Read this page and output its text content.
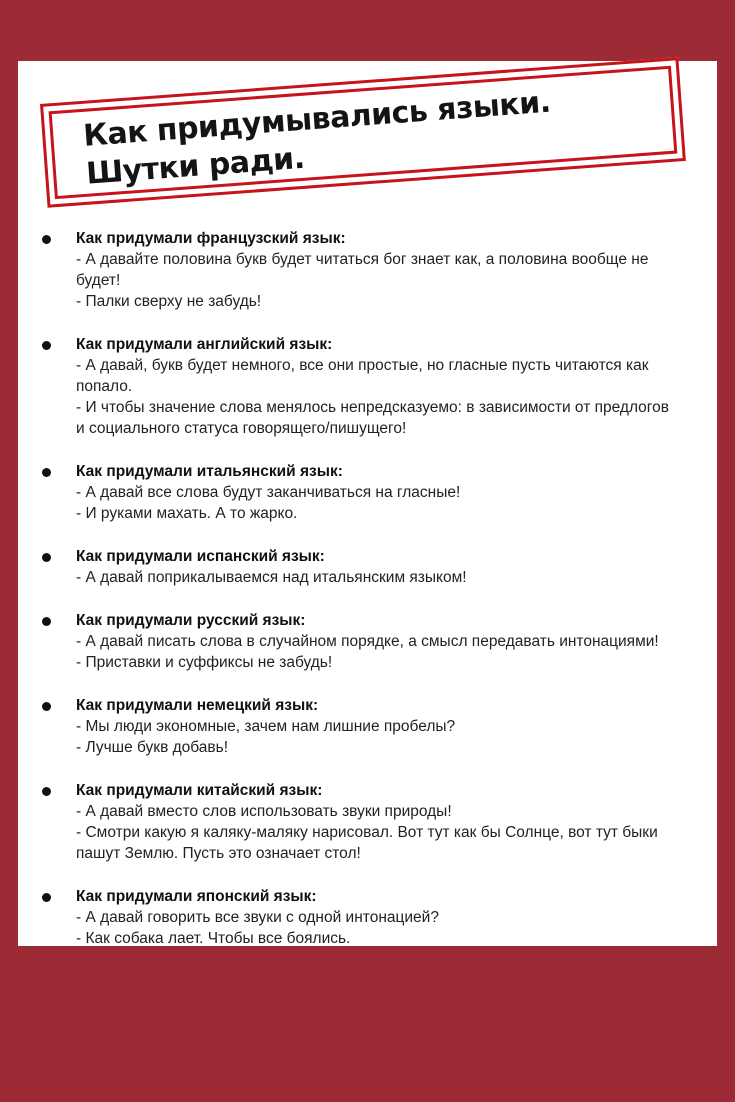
Как придумывались языки.
Шутки ради.
Как придумали французский язык:
- А давайте половина букв будет читаться бог знает как, а половина вообще не будет!
- Палки сверху не забудь!
Как придумали английский язык:
- А давай, букв будет немного, все они простые, но гласные пусть читаются как попало.
- И чтобы значение слова менялось непредсказуемо: в зависимости от предлогов и социального статуса говорящего/пишущего!
Как придумали итальянский язык:
- А давай все слова будут заканчиваться на гласные!
- И руками махать. А то жарко.
Как придумали испанский язык:
- А давай поприкалываемся над итальянским языком!
Как придумали русский язык:
- А давай писать слова в случайном порядке, а смысл передавать интонациями!
- Приставки и суффиксы не забудь!
Как придумали немецкий язык:
- Мы люди экономные, зачем нам лишние пробелы?
- Лучше букв добавь!
Как придумали китайский язык:
- А давай вместо слов использовать звуки природы!
- Смотри какую я каляку-маляку нарисовал. Вот тут как бы Солнце, вот тут быки пашут Землю. Пусть это означает стол!
Как придумали японский язык:
- А давай говорить все звуки с одной интонацией?
- Как собака лает. Чтобы все боялись.
